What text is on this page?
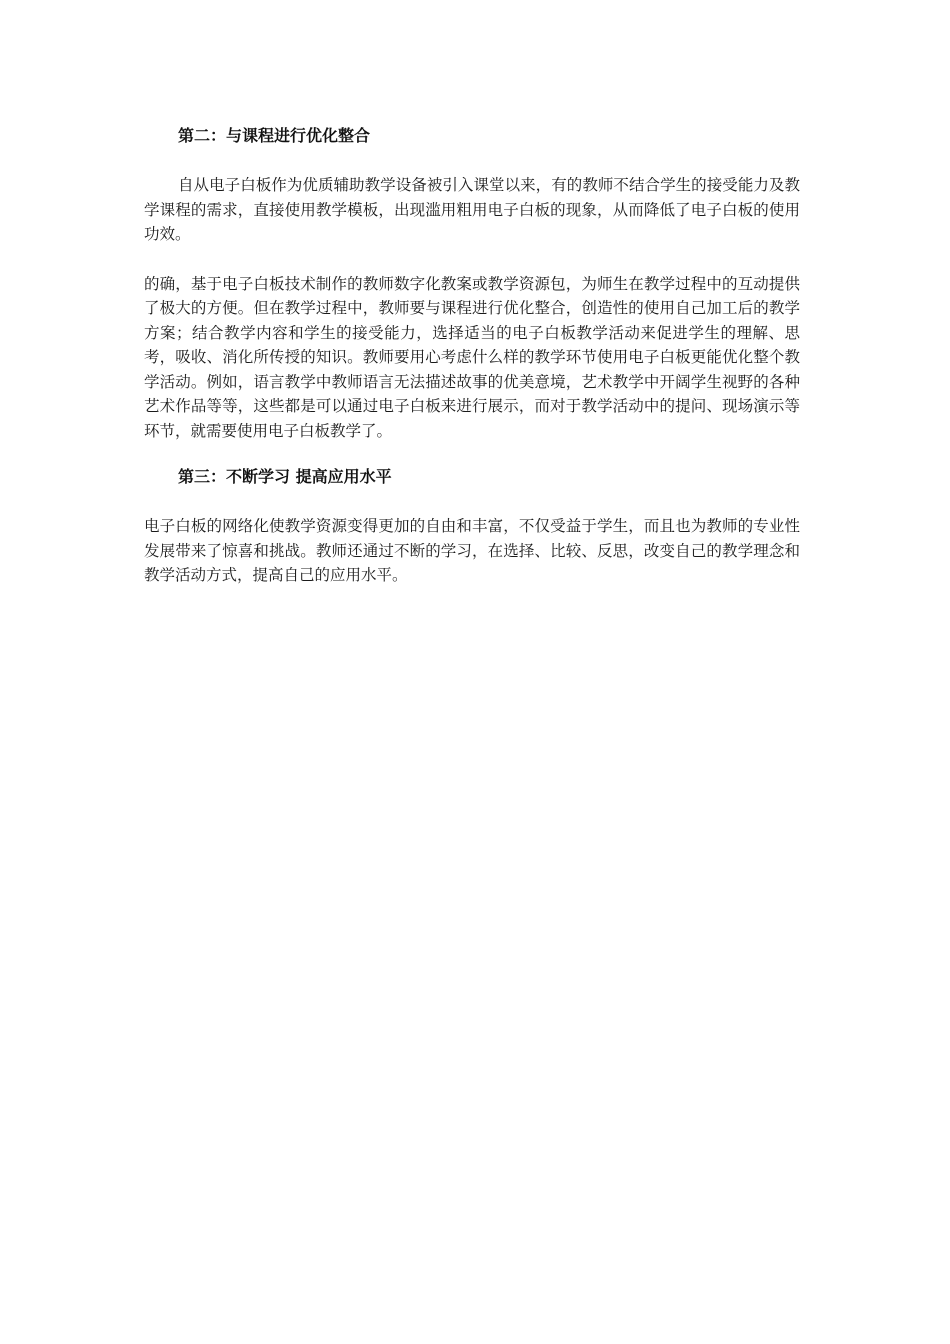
第二：与课程进行优化整合

自从电子白板作为优质辅助教学设备被引入课堂以来，有的教师不结合学生的接受能力及教学课程的需求，直接使用教学模板，出现滥用粗用电子白板的现象，从而降低了电子白板的使用功效。

的确，基于电子白板技术制作的教师数字化教案或教学资源包，为师生在教学过程中的互动提供了极大的方便。但在教学过程中，教师要与课程进行优化整合，创造性的使用自己加工后的教学方案；结合教学内容和学生的接受能力，选择适当的电子白板教学活动来促进学生的理解、思考，吸收、消化所传授的知识。教师要用心考虑什么样的教学环节使用电子白板更能优化整个教学活动。例如，语言教学中教师语言无法描述故事的优美意境，艺术教学中开阔学生视野的各种艺术作品等等，这些都是可以通过电子白板来进行展示，而对于教学活动中的提问、现场演示等环节，就需要使用电子白板教学了。

第三：不断学习 提高应用水平

电子白板的网络化使教学资源变得更加的自由和丰富，不仅受益于学生，而且也为教师的专业性发展带来了惊喜和挑战。教师还通过不断的学习，在选择、比较、反思，改变自己的教学理念和教学活动方式，提高自己的应用水平。
